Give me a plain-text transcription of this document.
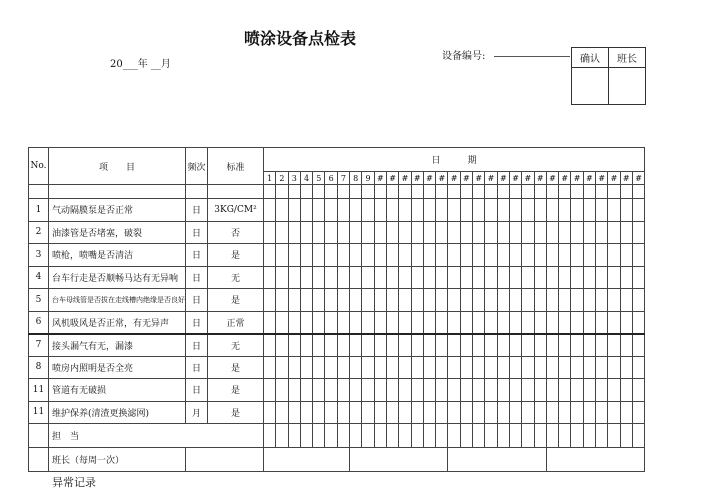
喷涂设备点检表
20___年 __月
设备编号:	确认	班长

No.	项　　目	频次	标准	日　　　期																														
				1	2	3	4	5	6	7	8	9	#	#	#	#	#	#	#	#	#	#	#	#	#	#	#	#	#	#	#	#	#	#

1	气动隔膜泵是否正常	日	3KG/CM²																															
2	油漆管是否堵塞，破裂	日	否																															
3	喷枪，喷嘴是否清洁	日	是																															
4	台车行走是否顺畅马达有无异响	日	无																															
5	台车母线管是否拔在走线槽内绝缘是否良好	日	是																															
6	风机吸风是否正常，有无异声	日	正常																															
7	接头漏气有无，漏漆	日	无																															
8	喷房内照明是否全亮	日	是																															
11	管道有无破损	日	是																															
11	维护保养(清渣更换滤网)	月	是																															
	担　当																																	
	班长（每周一次）																																	
异常记录
